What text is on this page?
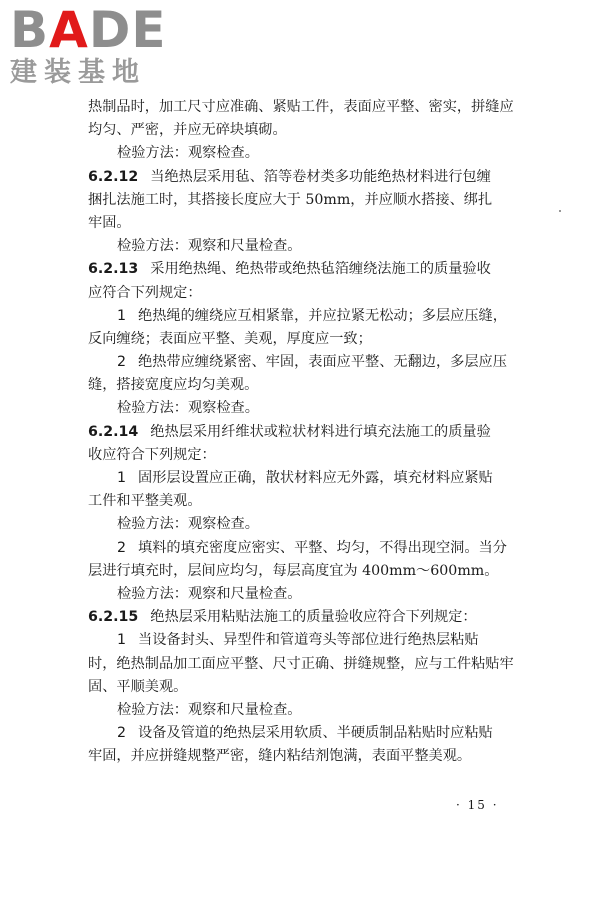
BADE
建装基地
热制品时，加工尺寸应准确、紧贴工件，表面应平整、密实，拼缝应
均匀、严密，并应无碎块填砌。
检验方法：观察检查。
6.2.12 当绝热层采用毡、箔等卷材类多功能绝热材料进行包缠
捆扎法施工时，其搭接长度应大于 50mm，并应顺水搭接、绑扎
牢固。
检验方法：观察和尺量检查。
6.2.13 采用绝热绳、绝热带或绝热毡箔缠绕法施工的质量验收
应符合下列规定：
1 绝热绳的缠绕应互相紧靠，并应拉紧无松动；多层应压缝，
反向缠绕；表面应平整、美观，厚度应一致；
2 绝热带应缠绕紧密、牢固，表面应平整、无翻边，多层应压
缝，搭接宽度应均匀美观。
检验方法：观察检查。
6.2.14 绝热层采用纤维状或粒状材料进行填充法施工的质量验
收应符合下列规定：
1 固形层设置应正确，散状材料应无外露，填充材料应紧贴
工件和平整美观。
检验方法：观察检查。
2 填料的填充密度应密实、平整、均匀，不得出现空洞。当分
层进行填充时，层间应均匀，每层高度宜为 400mm～600mm。
检验方法：观察和尺量检查。
6.2.15 绝热层采用粘贴法施工的质量验收应符合下列规定：
1 当设备封头、异型件和管道弯头等部位进行绝热层粘贴
时，绝热制品加工面应平整、尺寸正确、拼缝规整，应与工件粘贴牢
固、平顺美观。
检验方法：观察和尺量检查。
2 设备及管道的绝热层采用软质、半硬质制品粘贴时应粘贴
牢固，并应拼缝规整严密，缝内粘结剂饱满，表面平整美观。
· 15 ·
